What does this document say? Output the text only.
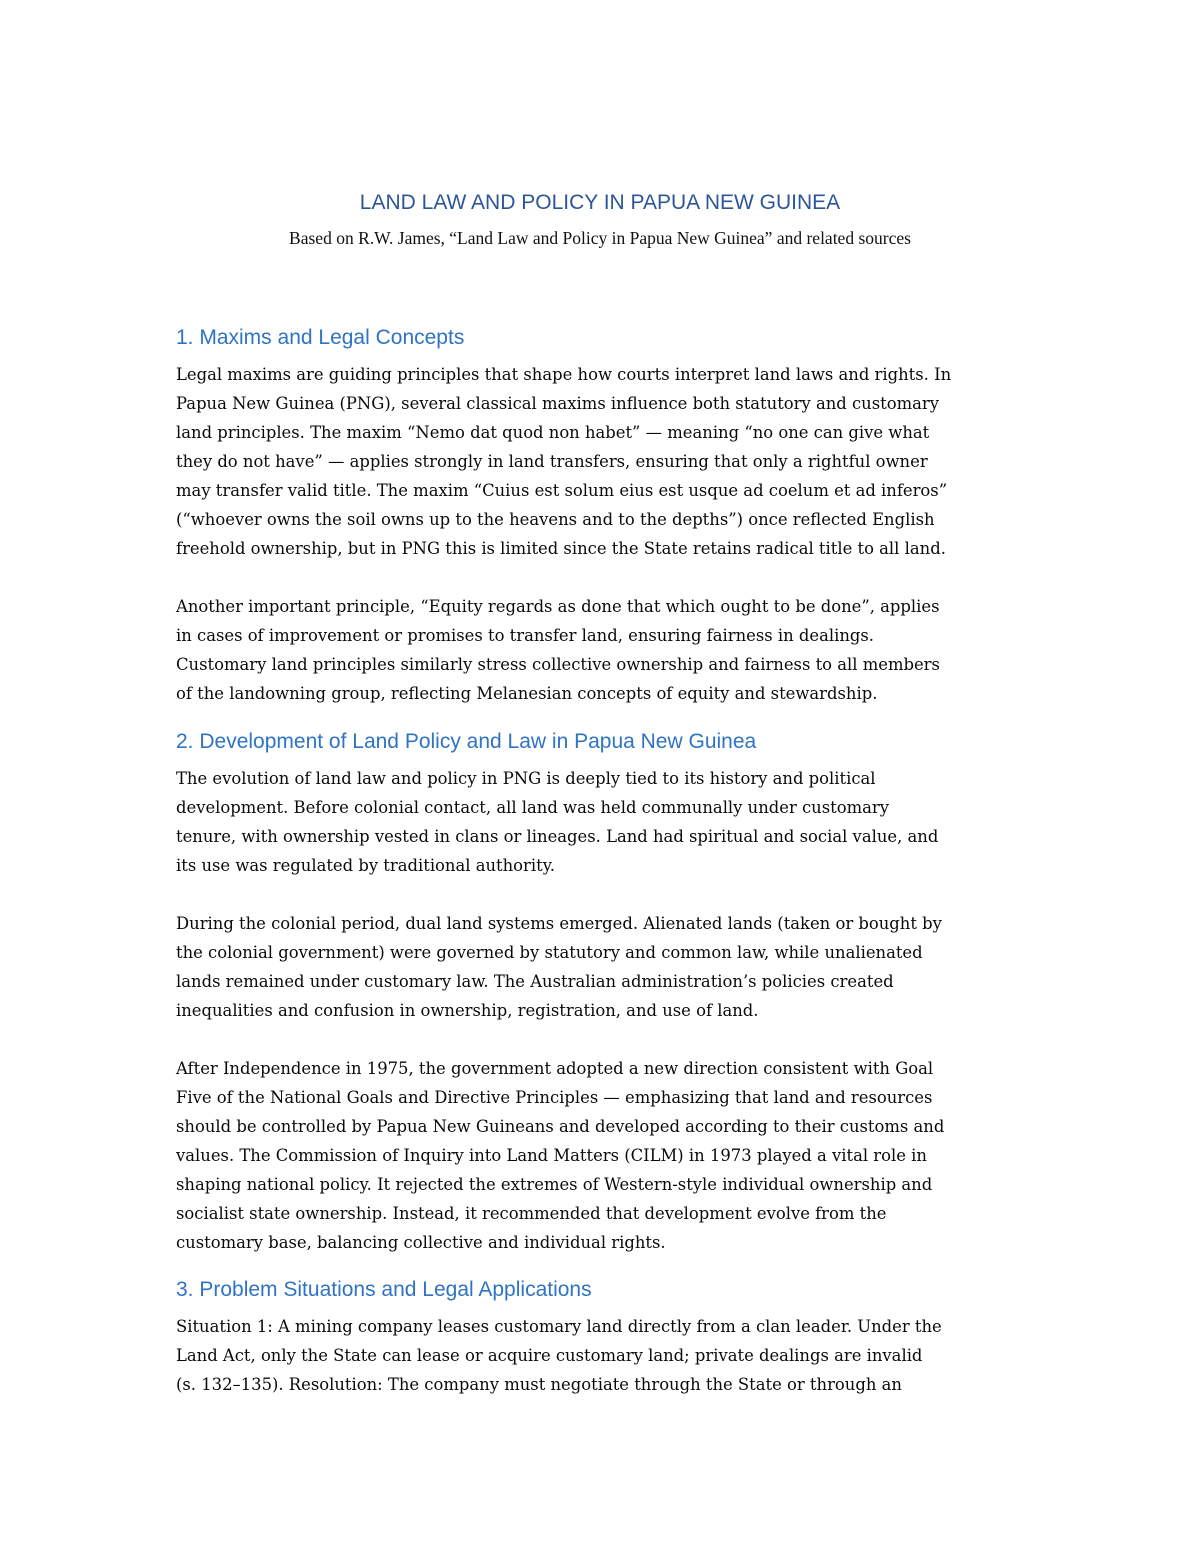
LAND LAW AND POLICY IN PAPUA NEW GUINEA

Based on R.W. James, “Land Law and Policy in Papua New Guinea” and related sources

1. Maxims and Legal Concepts

Legal maxims are guiding principles that shape how courts interpret land laws and rights. In
Papua New Guinea (PNG), several classical maxims influence both statutory and customary
land principles. The maxim “Nemo dat quod non habet” — meaning “no one can give what
they do not have” — applies strongly in land transfers, ensuring that only a rightful owner
may transfer valid title. The maxim “Cuius est solum eius est usque ad coelum et ad inferos”
(“whoever owns the soil owns up to the heavens and to the depths”) once reflected English
freehold ownership, but in PNG this is limited since the State retains radical title to all land.

Another important principle, “Equity regards as done that which ought to be done”, applies
in cases of improvement or promises to transfer land, ensuring fairness in dealings.
Customary land principles similarly stress collective ownership and fairness to all members
of the landowning group, reflecting Melanesian concepts of equity and stewardship.

2. Development of Land Policy and Law in Papua New Guinea

The evolution of land law and policy in PNG is deeply tied to its history and political
development. Before colonial contact, all land was held communally under customary
tenure, with ownership vested in clans or lineages. Land had spiritual and social value, and
its use was regulated by traditional authority.

During the colonial period, dual land systems emerged. Alienated lands (taken or bought by
the colonial government) were governed by statutory and common law, while unalienated
lands remained under customary law. The Australian administration’s policies created
inequalities and confusion in ownership, registration, and use of land.

After Independence in 1975, the government adopted a new direction consistent with Goal
Five of the National Goals and Directive Principles — emphasizing that land and resources
should be controlled by Papua New Guineans and developed according to their customs and
values. The Commission of Inquiry into Land Matters (CILM) in 1973 played a vital role in
shaping national policy. It rejected the extremes of Western-style individual ownership and
socialist state ownership. Instead, it recommended that development evolve from the
customary base, balancing collective and individual rights.

3. Problem Situations and Legal Applications

Situation 1: A mining company leases customary land directly from a clan leader. Under the
Land Act, only the State can lease or acquire customary land; private dealings are invalid
(s. 132–135). Resolution: The company must negotiate through the State or through an
